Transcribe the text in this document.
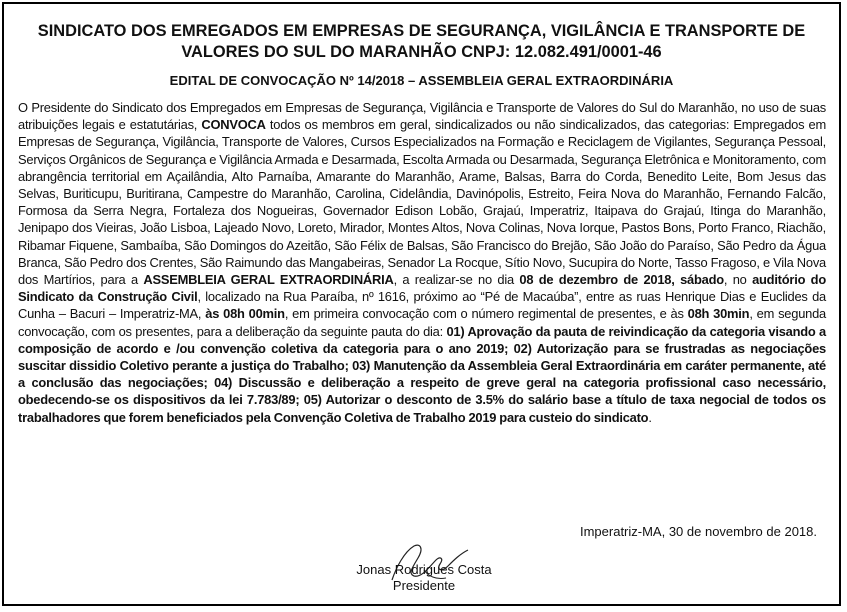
SINDICATO DOS EMREGADOS EM EMPRESAS DE SEGURANÇA, VIGILÂNCIA E TRANSPORTE DE VALORES DO SUL DO MARANHÃO CNPJ: 12.082.491/0001-46
EDITAL DE CONVOCAÇÃO Nº 14/2018 – ASSEMBLEIA GERAL EXTRAORDINÁRIA
O Presidente do Sindicato dos Empregados em Empresas de Segurança, Vigilância e Transporte de Valores do Sul do Maranhão, no uso de suas atribuições legais e estatutárias, CONVOCA todos os membros em geral, sindicalizados ou não sindicalizados, das categorias: Empregados em Empresas de Segurança, Vigilância, Transporte de Valores, Cursos Especializados na Formação e Reciclagem de Vigilantes, Segurança Pessoal, Serviços Orgânicos de Segurança e Vigilância Armada e Desarmada, Escolta Armada ou Desarmada, Segurança Eletrônica e Monitoramento, com abrangência territorial em Açailândia, Alto Parnaíba, Amarante do Maranhão, Arame, Balsas, Barra do Corda, Benedito Leite, Bom Jesus das Selvas, Buriticupu, Buritirana, Campestre do Maranhão, Carolina, Cidelândia, Davinópolis, Estreito, Feira Nova do Maranhão, Fernando Falcão, Formosa da Serra Negra, Fortaleza dos Nogueiras, Governador Edison Lobão, Grajaú, Imperatriz, Itaipava do Grajaú, Itinga do Maranhão, Jenipapo dos Vieiras, João Lisboa, Lajeado Novo, Loreto, Mirador, Montes Altos, Nova Colinas, Nova Iorque, Pastos Bons, Porto Franco, Riachão, Ribamar Fiquene, Sambaíba, São Domingos do Azeitão, São Félix de Balsas, São Francisco do Brejão, São João do Paraíso, São Pedro da Água Branca, São Pedro dos Crentes, São Raimundo das Mangabeiras, Senador La Rocque, Sítio Novo, Sucupira do Norte, Tasso Fragoso, e Vila Nova dos Martírios, para a ASSEMBLEIA GERAL EXTRAORDINÁRIA, a realizar-se no dia 08 de dezembro de 2018, sábado, no auditório do Sindicato da Construção Civil, localizado na Rua Paraíba, nº 1616, próximo ao “Pé de Macaúba”, entre as ruas Henrique Dias e Euclides da Cunha – Bacuri – Imperatriz-MA, às 08h 00min, em primeira convocação com o número regimental de presentes, e às 08h 30min, em segunda convocação, com os presentes, para a deliberação da seguinte pauta do dia: 01) Aprovação da pauta de reivindicação da categoria visando a composição de acordo e /ou convenção coletiva da categoria para o ano 2019; 02) Autorização para se frustradas as negociações suscitar dissidio Coletivo perante a justiça do Trabalho; 03) Manutenção da Assembleia Geral Extraordinária em caráter permanente, até a conclusão das negociações; 04) Discussão e deliberação a respeito de greve geral na categoria profissional caso necessário, obedecendo-se os dispositivos da lei 7.783/89; 05) Autorizar o desconto de 3.5% do salário base a título de taxa negocial de todos os trabalhadores que forem beneficiados pela Convenção Coletiva de Trabalho 2019 para custeio do sindicato.
Imperatriz-MA, 30 de novembro de 2018.
Jonas Rodrigues Costa
Presidente
